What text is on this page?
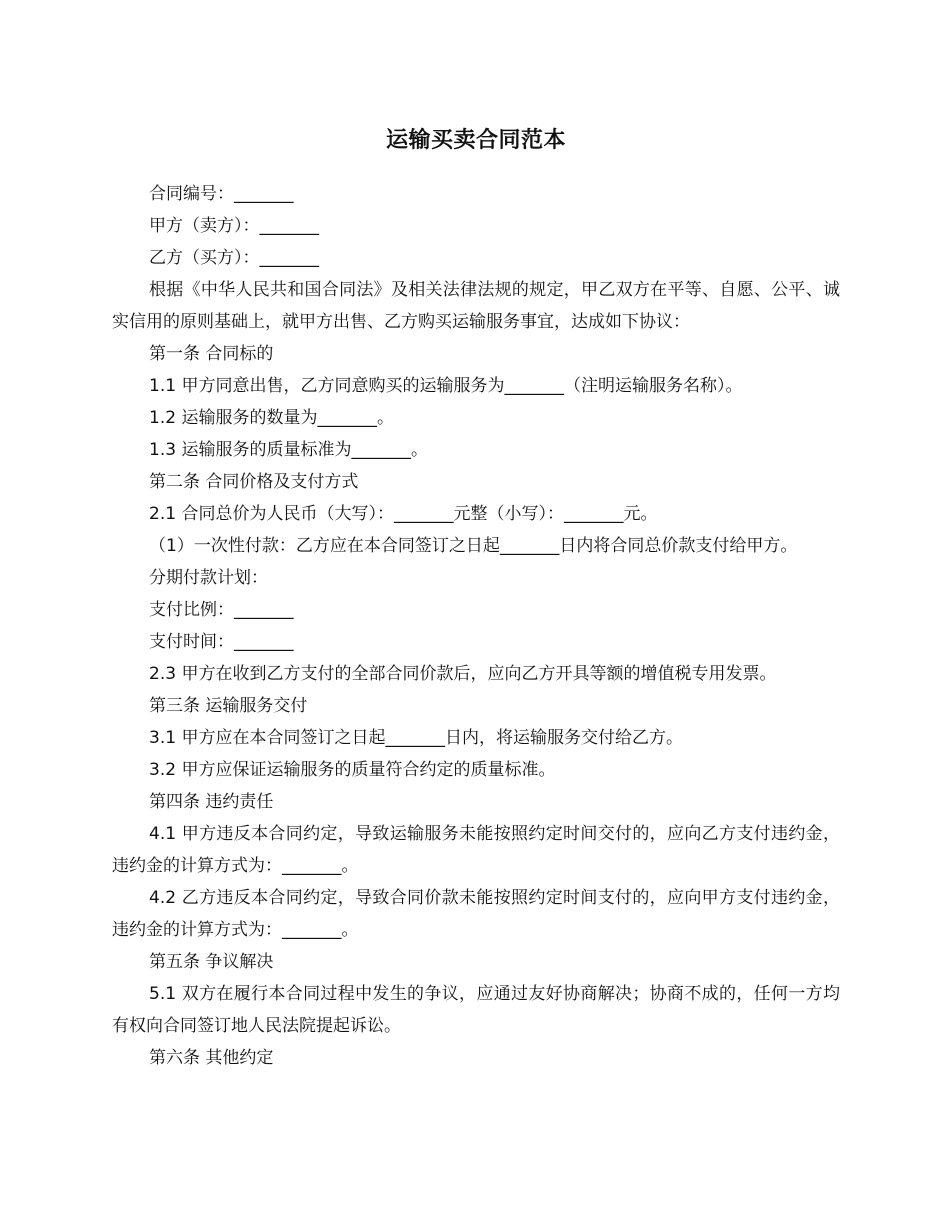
运输买卖合同范本

合同编号：_______

甲方（卖方）：_______

乙方（买方）：_______

根据《中华人民共和国合同法》及相关法律法规的规定，甲乙双方在平等、自愿、公平、诚实信用的原则基础上，就甲方出售、乙方购买运输服务事宜，达成如下协议：

第一条 合同标的

1.1 甲方同意出售，乙方同意购买的运输服务为_______（注明运输服务名称）。

1.2 运输服务的数量为_______。

1.3 运输服务的质量标准为_______。

第二条 合同价格及支付方式

2.1 合同总价为人民币（大写）：_______元整（小写）：_______元。

（1）一次性付款：乙方应在本合同签订之日起_______日内将合同总价款支付给甲方。

分期付款计划：

支付比例：_______

支付时间：_______

2.3 甲方在收到乙方支付的全部合同价款后，应向乙方开具等额的增值税专用发票。

第三条 运输服务交付

3.1 甲方应在本合同签订之日起_______日内，将运输服务交付给乙方。

3.2 甲方应保证运输服务的质量符合约定的质量标准。

第四条 违约责任

4.1 甲方违反本合同约定，导致运输服务未能按照约定时间交付的，应向乙方支付违约金，违约金的计算方式为：_______。

4.2 乙方违反本合同约定，导致合同价款未能按照约定时间支付的，应向甲方支付违约金，违约金的计算方式为：_______。

第五条 争议解决

5.1 双方在履行本合同过程中发生的争议，应通过友好协商解决；协商不成的，任何一方均有权向合同签订地人民法院提起诉讼。

第六条 其他约定
